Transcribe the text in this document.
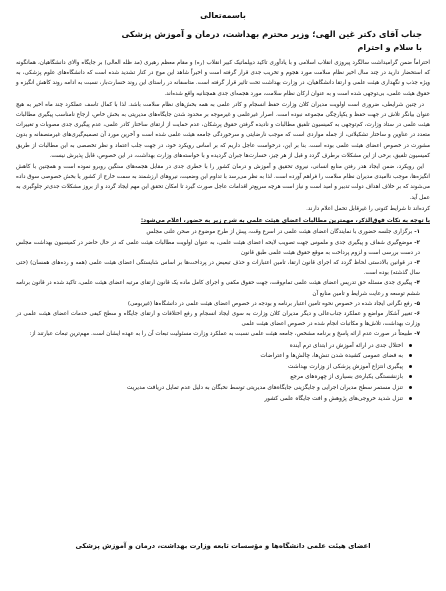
باسمه‌تعالی
جناب آقای دکتر غین الهی؛ وزیر محترم بهداشت، درمان و آموزش پزشکی
با سلام و احترام

احتراماً ضمن گرامیداشت سالگرد پیروزی انقلاب اسلامی و با یادآوری تاکید دیپلماتیک کبیر انقلاب (ره) و مقام معظم رهبری (مد ظله العالی) بر جایگاه والای دانشگاهیان، همانگونه که استحضار دارید در چند سال اخیر نظام سلامت مورد هجوم و تخریب جدی قرار گرفته است و اخیراً شاهد این موج در کنار تشدید شده است که دانشگاه‌های علوم پزشکی، به ویژه جذب و نگهداری هیئت علمی و ارتقا دانشگاهیان، در وزارت بهداشت تحت تاثیر قرار گرفته است. متاسفانه در راستای این روند خسارت‌بار، نسبت به ادامه روند کاهش انگیزه و حقوق هیئت علمی، بی‌توجهی شده است و به عنوان ارکان نظام سلامت، مورد هجمه‌ای جدی همچنانیه واقع شده‌اند.

در چنین شرایطی، ضروری است اولویت مدیران کلان وزارت حفظ انسجام و کادر علمی به همه بخش‌های نظام سلامت باشد. لذا با کمال تاسف عملکرد چند ماه اخیر به هیچ عنوان بیانگر تلاش در جهت حفظ و یکپارچگی مجموعه نبوده است. اصرار غیرعلمی و غیرموجه بر محدود شدن جایگاه‌های مدیریتی به بخش خاص، ارجاع نامناسب پیگیری مطالبات هیئت علمی در ستاد وزارت، کم‌توجهی به کمیسیون تلفیق مطالبات و نادیده گرفتن حقوق پرشکان، عدم حمایت از ارتقای ساختار کادر علمی، عدم پیگیری جدی مصوبات و تغییرات متعدد در عناوین و ساختار تشکیلاتی، از جمله مواردی است که موجب نارضایتی و سرخوردگی جامعه هیئت علمی شده است و آخرین مورد آن تصمیم‌گیری‌های غیرمنصفانه و بدون مشورت در خصوص اعضای هیئت علمی بوده است. بنا بر این، درخواست عاجل داریم که بر اساس رویکرد خود، در جهت جلب اعتماد و نظر تخصصی به این مطالبات از طریق کمیسیون تلفیق، برخی از این مشکلات برطرف گردد و قبل از هر چیز، خسارت‌ها جبران گردیده و با خواسته‌های وزارت بهداشت، در این خصوص، قابل پذیرش نیست.

این رویکرد، ضمن ایجاد هدر رفتن منابع انسانی، نیروی تحقیق و آموزش و درمان کشور را با خطری جدی در مقابل هجمه‌های سنگین روبرو نموده است و همچنین با کاهش انگیزه‌ها، موجب ناامیدی مدیران نظام سلامت را فراهم آورده است. لذا به نظر می‌رسد با تداوم این وضعیت، نیروهای ارزشمند به سمت خارج از کشور یا بخش خصوصی سوق داده می‌شوند که بر خلاف اهداف دولت تدبیر و امید است و نیاز است هرچه سریع‌تر اقدامات عاجل صورت گیرد تا امکان تحقق این مهم ایجاد گردد و از بروز مشکلات جدی‌تر جلوگیری به عمل آید.

کرده‌اند تا شرایط کنونی را غیرقابل تحمل اعلام دارند.

با توجه به نکات فوق‌الذکر، مهمترین مطالبات اعضای هیئت علمی به شرح زیر به حضور، اعلام می‌شود:
۱-برگزاری جلسه حضوری با نمایندگان اعضای هیئت علمی در اسرع وقت، پیش از طرح موضوع در صحن علنی مجلس
۲-موضع‌گیری شفاف و پیگیری جدی و ملموس جهت تصویب لایحه اعضای هیئت علمی، به عنوان اولویت مطالبات هیئت علمی که در حال حاضر در کمیسیون بهداشت مجلس در دست بررسی است و لزوم پرداخت به موقع حقوق هیئت علمی طبق قانون
۳-در قوانین بالادستی لحاظ گردد که اجرای قانون ارتقا، تامین اعتبارات و حذف تبعیض در پرداخت‌ها بر اساس شایستگی اعضای هیئت علمی (همه و رده‌های همسان) (حتی سال گذشته) بوده است.
۴-پیگیری جدی مسئله حق تدریس اعضای هیئت علمی تمام‌وقت، جهت حقوق مکفی و اجرای کامل ماده یک قانون ارتقای مرتبه اعضای هیئت علمی، تاکید شده در قانون برنامه ششم توسعه و رعایت شرایط و تامین منابع آن
۵-رفع نگرانی ایجاد شده در خصوص نحوه تامین اعتبار برنامه و بودجه در خصوص اعضای هیئت علمی در دانشگاه‌ها (غیربومی)
۶-تغییر آشکار مواضع و عملکرد جناب‌عالی و دیگر مدیران کلان وزارت به سوی ایجاد انسجام و رفع اختلافات و ارتقای جایگاه و سطح کیفی خدمات اعضای هیئت علمی در وزارت بهداشت، تلاش‌ها و مکاتبات انجام شده در خصوص اعضای هیئت علمی
۷-طبیعتاً در صورت عدم ارائه پاسخ و برنامه مشخص، جامعه هیئت علمی نسبت به عملکرد وزارت مسئولیت تبعات آن را به عهده ایشان است. مهم‌ترین تبعات عبارتند از:
اختلال جدی در ارائه آموزش در ابتدای ترم آینده
به فضای عمومی کشیده شدن تنش‌ها، چالش‌ها و اعتراضات
پیگیری انتزاع آموزش پزشکی از وزارت بهداشت
بازنشستگی یکباره‌ی بسیاری از چهره‌های مرجع
تنزل مستمر سطح مدیران اجرایی و جایگزینی جایگاه‌های مدیریتی توسط نخبگان به دلیل عدم تمایل دریافت مدیریت
تنزل شدید خروجی‌های پژوهش و افت جایگاه علمی کشور
اعضای هیئت علمی دانشگاه‌ها و مؤسسات تابعه وزارت بهداشت، درمان و آموزش پزشکی
